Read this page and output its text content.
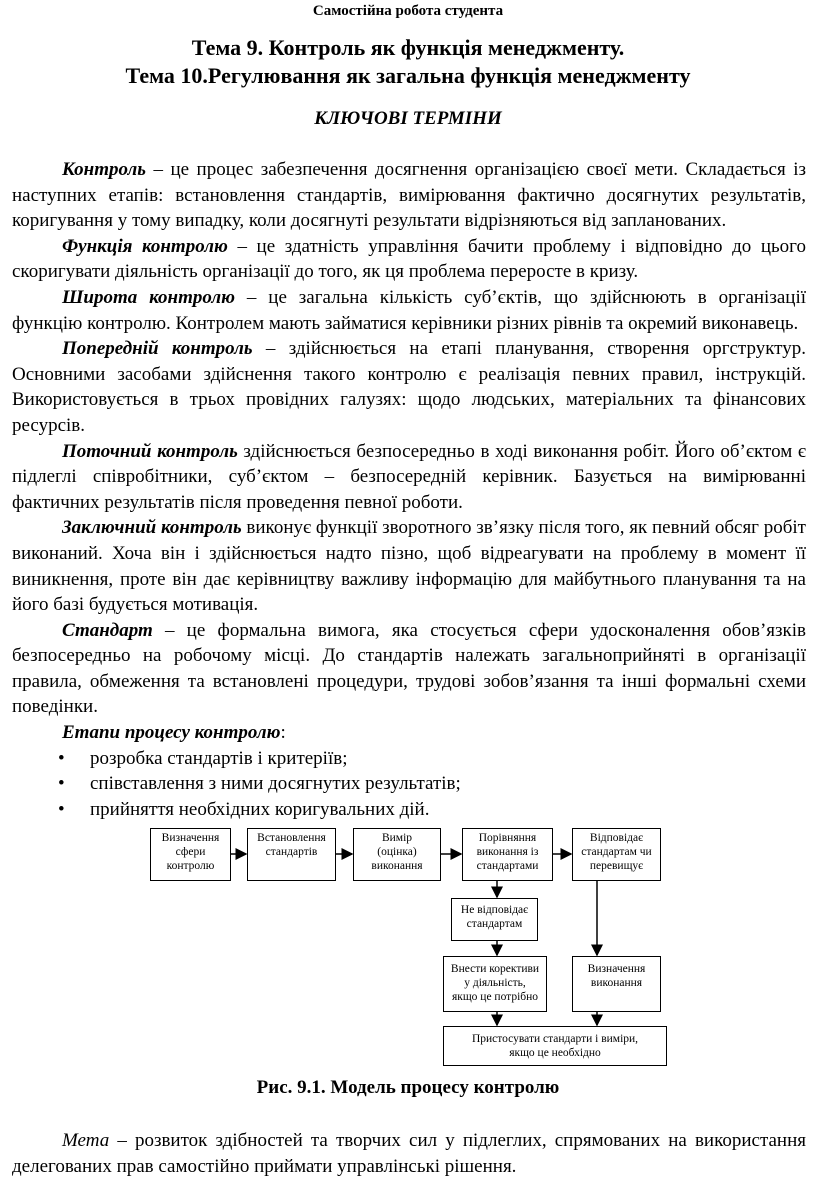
Самостійна робота студента
Тема 9. Контроль як функція менеджменту.
Тема 10.Регулювання як загальна функція менеджменту
КЛЮЧОВІ ТЕРМІНИ

Контроль – це процес забезпечення досягнення організацією своєї мети. Складається із наступних етапів: встановлення стандартів, вимірювання фактично досягнутих результатів, коригування у тому випадку, коли досягнуті результати відрізняються від запланованих.

Функція контролю – це здатність управління бачити проблему і відповідно до цього скоригувати діяльність організації до того, як ця проблема переросте в кризу.

Широта контролю – це загальна кількість суб’єктів, що здійснюють в організації функцію контролю. Контролем мають займатися керівники різних рівнів та окремий виконавець.

Попередній контроль – здійснюється на етапі планування, створення оргструктур. Основними засобами здійснення такого контролю є реалізація певних правил, інструкцій. Використовується в трьох провідних галузях: щодо людських, матеріальних та фінансових ресурсів.

Поточний контроль здійснюється безпосередньо в ході виконання робіт. Його об’єктом є підлеглі співробітники, суб’єктом – безпосередній керівник. Базується на вимірюванні фактичних результатів після проведення певної роботи.

Заключний контроль виконує функції зворотного зв’язку після того, як певний обсяг робіт виконаний. Хоча він і здійснюється надто пізно, щоб відреагувати на проблему в момент її виникнення, проте він дає керівництву важливу інформацію для майбутнього планування та на його базі будується мотивація.

Стандарт – це формальна вимога, яка стосується сфери удосконалення обов’язків безпосередньо на робочому місці. До стандартів належать загальноприйняті в організації правила, обмеження та встановлені процедури, трудові зобов’язання та інші формальні схеми поведінки.

Етапи процесу контролю:

• розробка стандартів і критеріїв;
• співставлення з ними досягнутих результатів;
• прийняття необхідних коригувальних дій.
Визначення
сфери
контролю
Встановлення
стандартів
Вимір
(оцінка)
виконання
Порівняння
виконання із
стандартами
Відповідає
стандартам чи
перевищує
Не відповідає
стандартам
Внести корективи
у діяльність,
якщо це потрібно
Визначення
виконання
Пристосувати стандарти і виміри,
якщо це необхідно
Рис. 9.1. Модель процесу контролю

Мета – розвиток здібностей та творчих сил у підлеглих, спрямованих на використання делегованих прав самостійно приймати управлінські рішення.
